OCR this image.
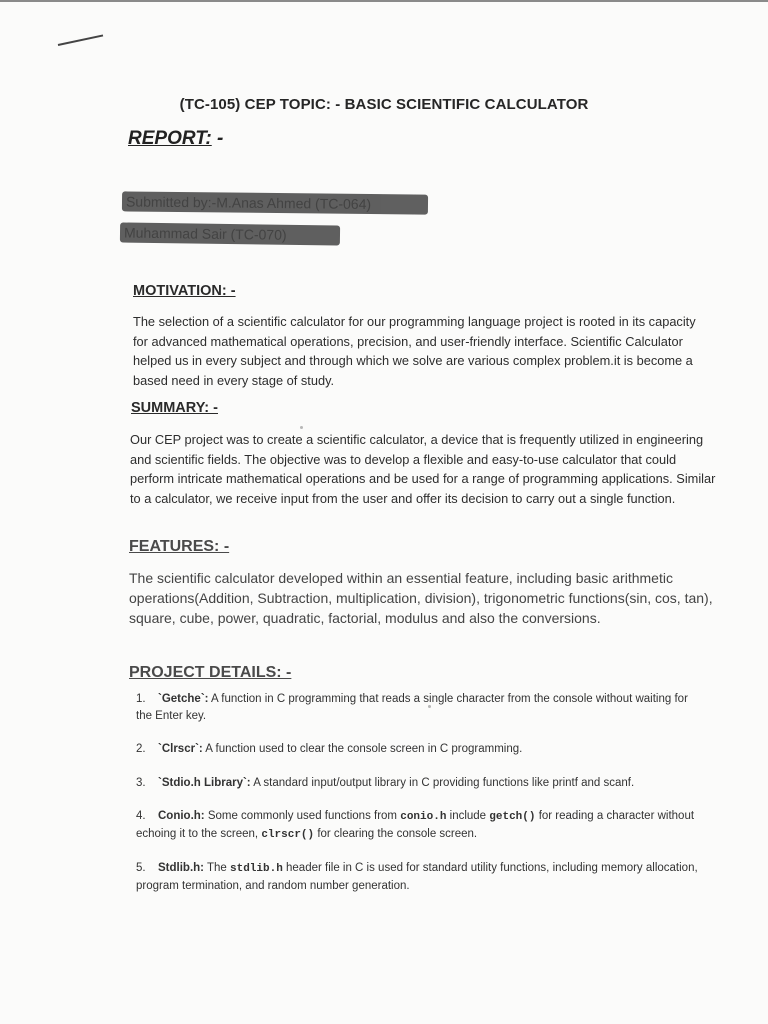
(TC-105) CEP TOPIC: - BASIC SCIENTIFIC CALCULATOR
REPORT: -
Submitted by:-M.Anas Ahmed (TC-064)
Muhammad Sair (TC-070)
MOTIVATION: -

The selection of a scientific calculator for our programming language project is rooted in its capacity for advanced mathematical operations, precision, and user-friendly interface. Scientific Calculator helped us in every subject and through which we solve are various complex problem.it is become a based need in every stage of study.

SUMMARY: -

Our CEP project was to create a scientific calculator, a device that is frequently utilized in engineering and scientific fields. The objective was to develop a flexible and easy-to-use calculator that could perform intricate mathematical operations and be used for a range of programming applications. Similar to a calculator, we receive input from the user and offer its decision to carry out a single function.

FEATURES: -

The scientific calculator developed within an essential feature, including basic arithmetic operations(Addition, Subtraction, multiplication, division), trigonometric functions(sin, cos, tan), square, cube, power, quadratic, factorial, modulus and also the conversions.

PROJECT DETAILS: -
1. `Getche`: A function in C programming that reads a single character from the console without waiting for the Enter key.
2. `Clrscr`: A function used to clear the console screen in C programming.
3. `Stdio.h Library`: A standard input/output library in C providing functions like printf and scanf.
4. Conio.h: Some commonly used functions from conio.h include getch() for reading a character without echoing it to the screen, clrscr() for clearing the console screen.
5. Stdlib.h: The stdlib.h header file in C is used for standard utility functions, including memory allocation, program termination, and random number generation.
